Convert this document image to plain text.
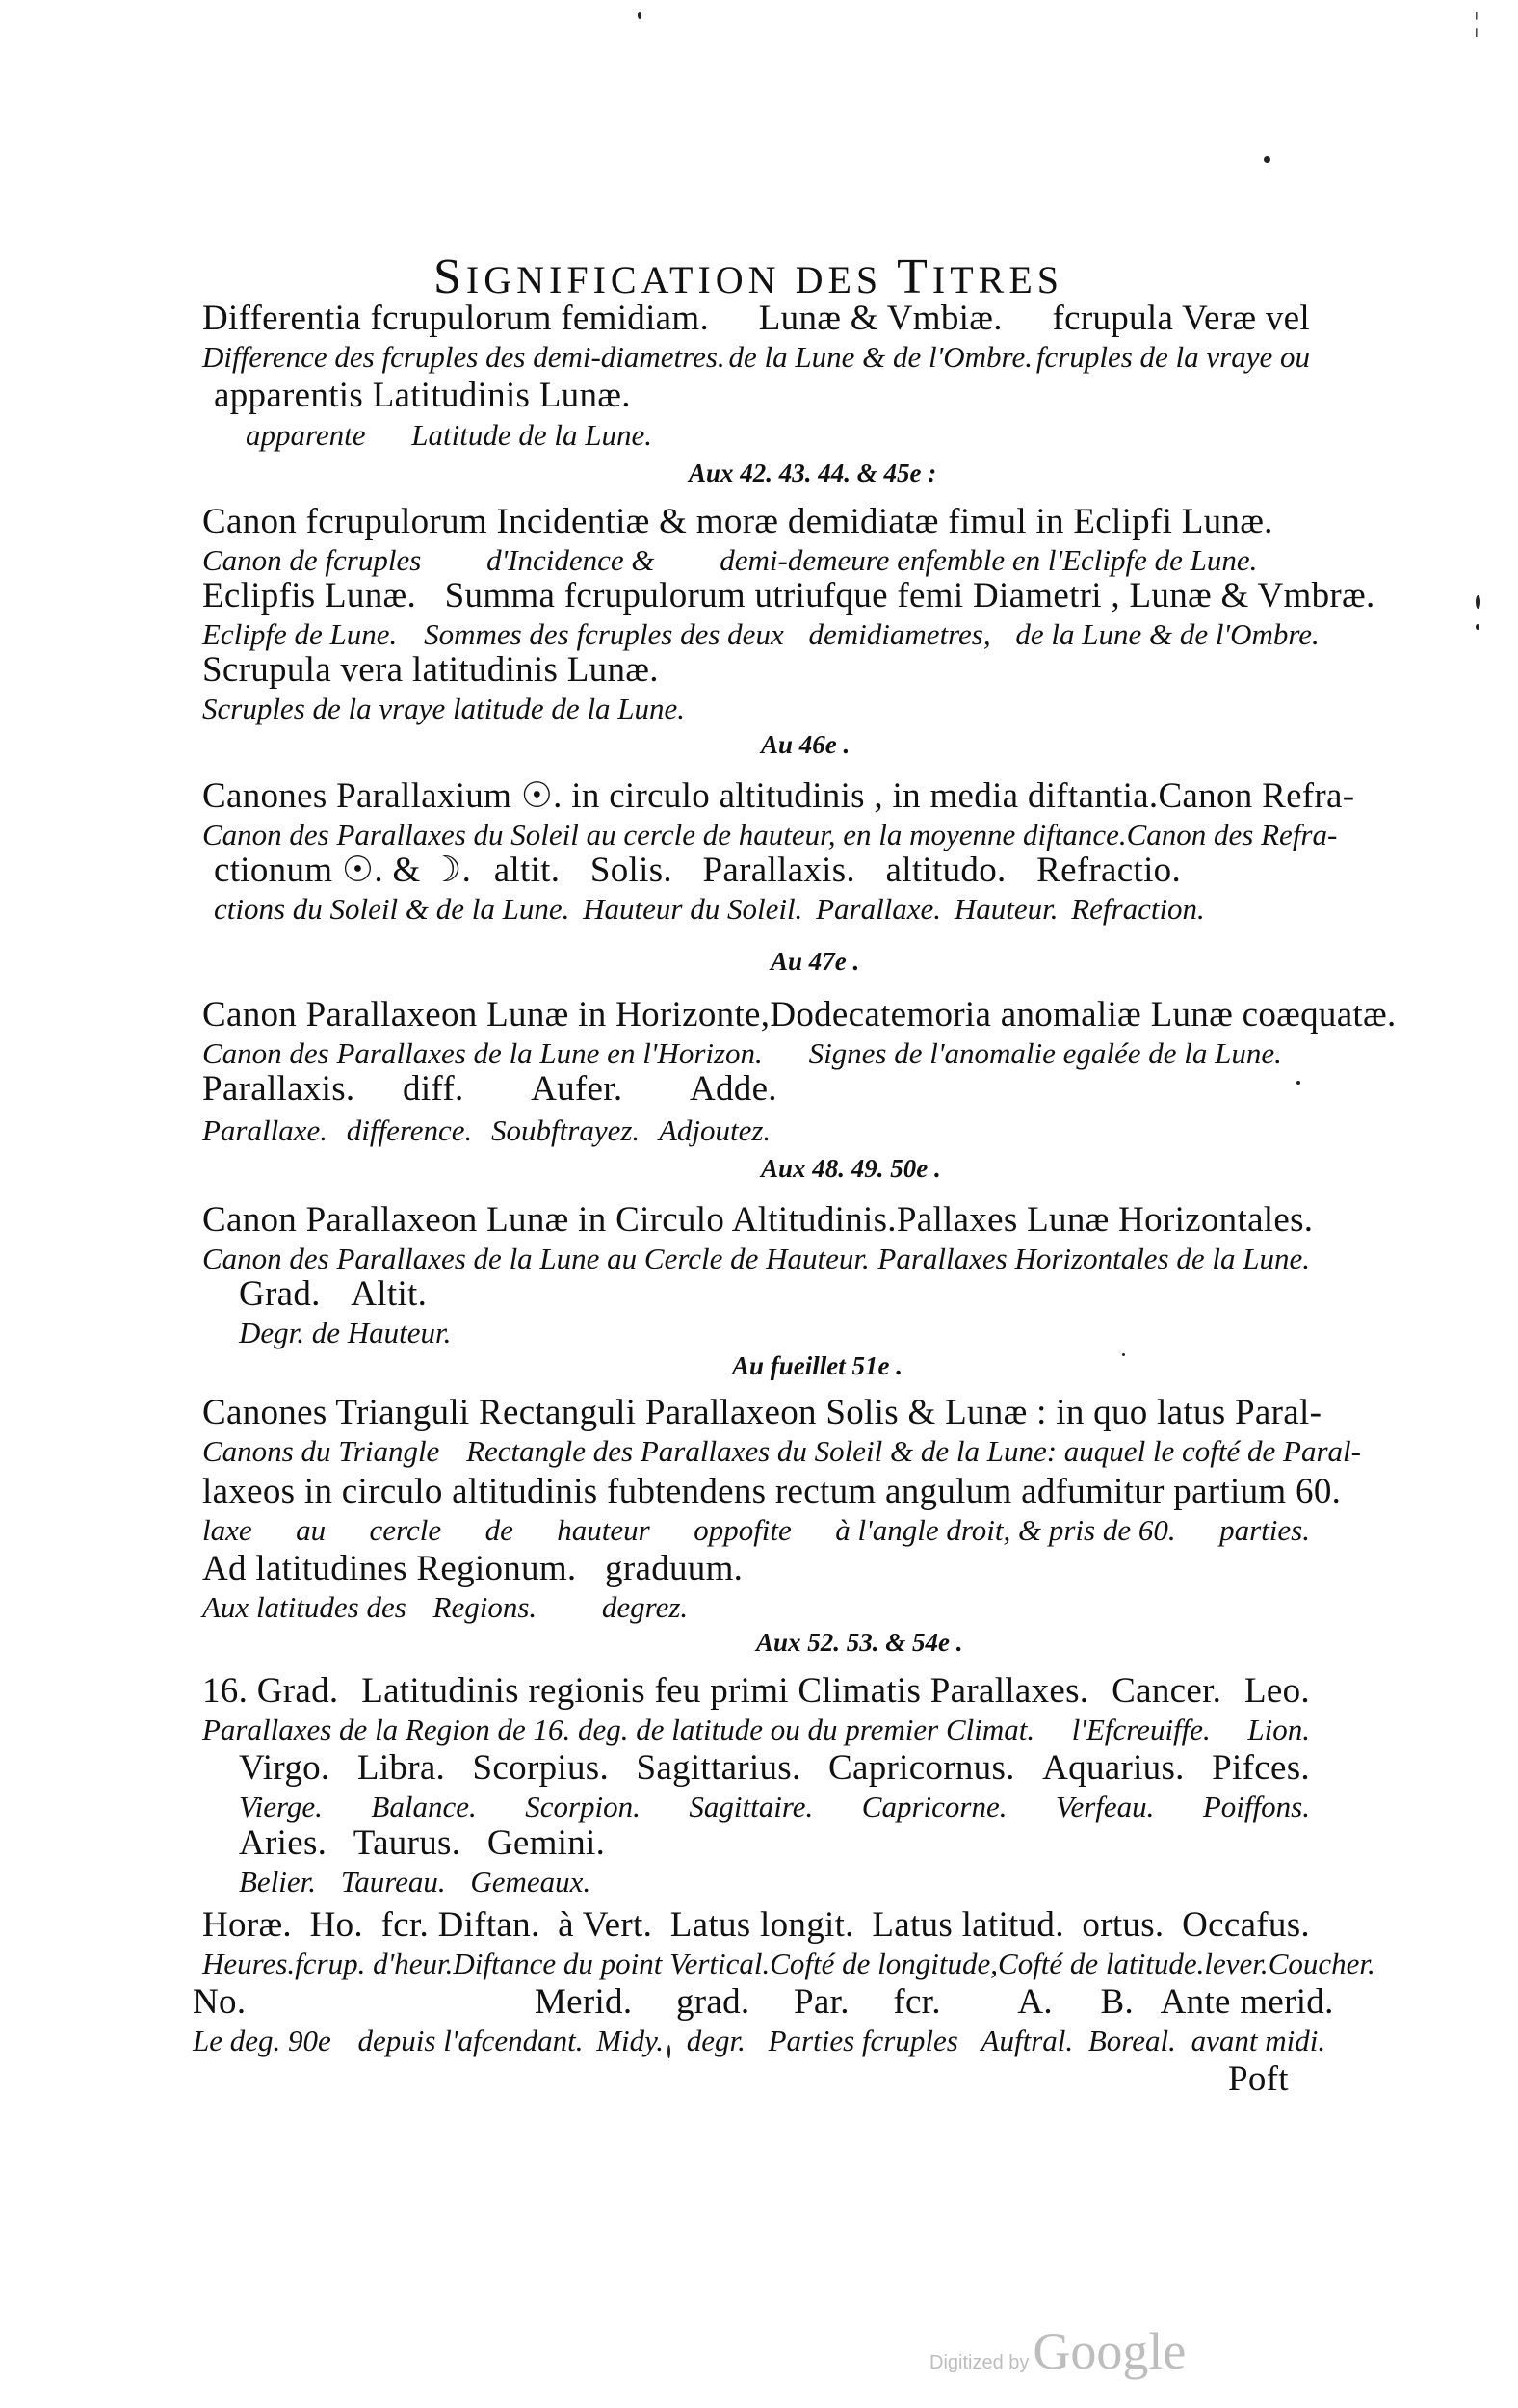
SIGNIFICATION DES TITRES
Differentia fcrupulorum femidiam. Lunæ & Vmbiæ. fcrupula Veræ vel
Difference des fcruples des demi-diametres. de la Lune & de l'Ombre. fcruples de la vraye ou
apparentis Latitudinis Lunæ.
apparente Latitude de la Lune.
Aux 42. 43. 44. & 45e :
Canon fcrupulorum Incidentiæ & moræ demidiatæ fimul in Eclipfi Lunæ.
Canon de fcruples d'Incidence & demi-demeure enfemble en l'Eclipfe de Lune.
Eclipfis Lunæ. Summa fcrupulorum utriufque femi Diametri , Lunæ & Vmbræ.
Eclipfe de Lune. Sommes des fcruples des deux demidiametres, de la Lune & de l'Ombre.
Scrupula vera latitudinis Lunæ.
Scruples de la vraye latitude de la Lune.
Au 46e .
Canones Parallaxium ☉. in circulo altitudinis , in media diftantia. Canon Refra-
Canon des Parallaxes du Soleil au cercle de hauteur, en la moyenne diftance. Canon des Refra-
ctionum ☉. & ☽. altit. Solis. Parallaxis. altitudo. Refractio.
ctions du Soleil & de la Lune. Hauteur du Soleil. Parallaxe. Hauteur. Refraction.
Au 47e .
Canon Parallaxeon Lunæ in Horizonte,Dodecatemoria anomaliæ Lunæ coæquatæ.
Canon des Parallaxes de la Lune en l'Horizon. Signes de l'anomalie egalée de la Lune.
Parallaxis. diff. Aufer. Adde.
Parallaxe. difference. Soubftrayez. Adjoutez.
Aux 48. 49. 50e .
Canon Parallaxeon Lunæ in Circulo Altitudinis. Pallaxes Lunæ Horizontales.
Canon des Parallaxes de la Lune au Cercle de Hauteur. Parallaxes Horizontales de la Lune.
Grad. Altit.
Degr. de Hauteur.
Au fueillet 51e .
Canones Trianguli Rectanguli Parallaxeon Solis & Lunæ : in quo latus Paral-
Canons du Triangle Rectangle des Parallaxes du Soleil & de la Lune: auquel le cofté de Paral-
laxeos in circulo altitudinis fubtendens rectum angulum adfumitur partium 60.
laxe au cercle de hauteur oppofite à l'angle droit, & pris de 60. parties.
Ad latitudines Regionum. graduum.
Aux latitudes des Regions. degrez.
Aux 52. 53. & 54e .
16. Grad. Latitudinis regionis feu primi Climatis Parallaxes. Cancer. Leo.
Parallaxes de la Region de 16. deg. de latitude ou du premier Climat. l'Efcreuiffe. Lion.
Virgo. Libra. Scorpius. Sagittarius. Capricornus. Aquarius. Pifces.
Vierge. Balance. Scorpion. Sagittaire. Capricorne. Verfeau. Poiffons.
Aries. Taurus. Gemini.
Belier. Taureau. Gemeaux.
Horæ. Ho. fcr. Diftan. à Vert. Latus longit. Latus latitud. ortus. Occafus.
Heures. fcrup. d'heur. Diftance du point Vertical. Cofté de longitude, Cofté de latitude. lever. Coucher.
No.	Merid. grad. Par. fcr. A. B. Ante merid.
Le deg. 90e depuis l'afcendant. Midy. degr. Parties fcruples Auftral. Boreal. avant midi.
Poft
¦
Digitized by Google
